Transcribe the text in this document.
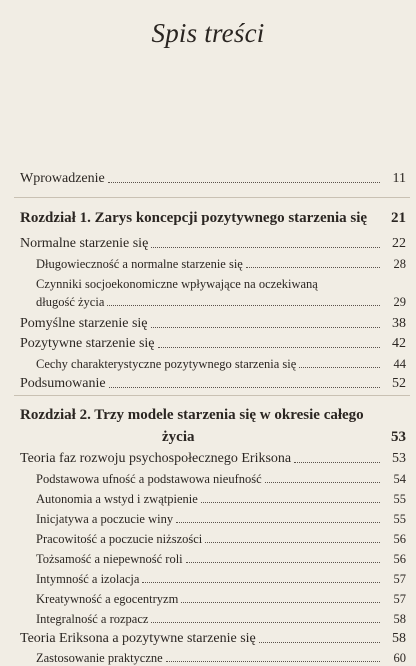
Spis treści
Wprowadzenie	11
Rozdział 1. Zarys koncepcji pozytywnego starzenia się	21
Normalne starzenie się	22
Długowieczność a normalne starzenie się	28
Czynniki socjoekonomiczne wpływające na oczekiwaną
długość życia	29
Pomyślne starzenie się	38
Pozytywne starzenie się	42
Cechy charakterystyczne pozytywnego starzenia się	44
Podsumowanie	52
Rozdział 2. Trzy modele starzenia się w okresie całego
życia	53
Teoria faz rozwoju psychospołecznego Eriksona	53
Podstawowa ufność a podstawowa nieufność	54
Autonomia a wstyd i zwątpienie	55
Inicjatywa a poczucie winy	55
Pracowitość a poczucie niższości	56
Tożsamość a niepewność roli	56
Intymność a izolacja	57
Kreatywność a egocentryzm	57
Integralność a rozpacz	58
Teoria Eriksona a pozytywne starzenie się	58
Zastosowanie praktyczne	60
